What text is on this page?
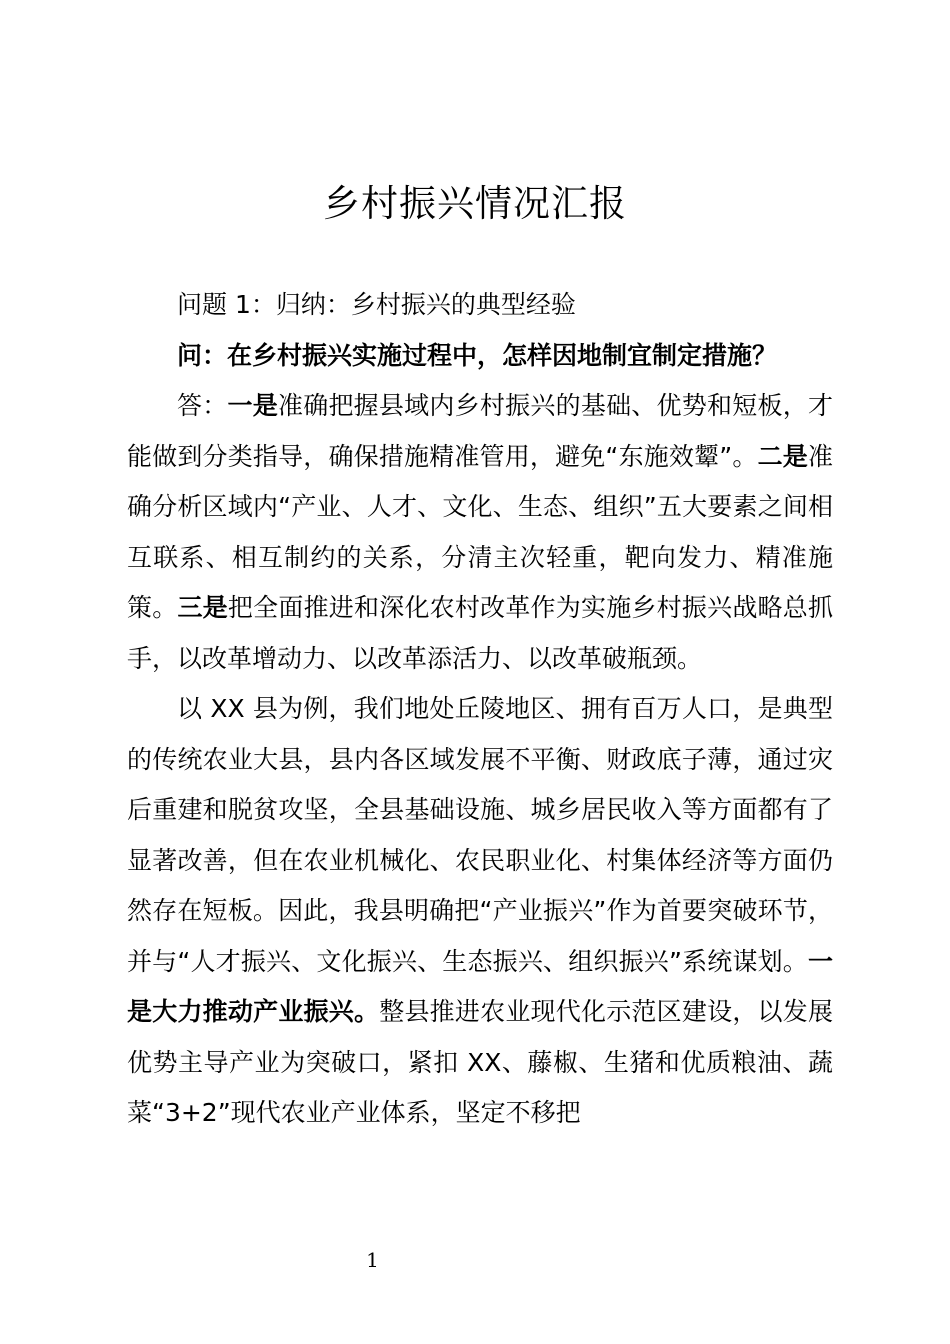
乡村振兴情况汇报

问题 1：归纳：乡村振兴的典型经验

问：在乡村振兴实施过程中，怎样因地制宜制定措施？

答：一是准确把握县域内乡村振兴的基础、优势和短板，才能做到分类指导，确保措施精准管用，避免“东施效颦”。二是准确分析区域内“产业、人才、文化、生态、组织”五大要素之间相互联系、相互制约的关系，分清主次轻重，靶向发力、精准施策。三是把全面推进和深化农村改革作为实施乡村振兴战略总抓手，以改革增动力、以改革添活力、以改革破瓶颈。

以 XX 县为例，我们地处丘陵地区、拥有百万人口，是典型的传统农业大县，县内各区域发展不平衡、财政底子薄，通过灾后重建和脱贫攻坚，全县基础设施、城乡居民收入等方面都有了显著改善，但在农业机械化、农民职业化、村集体经济等方面仍然存在短板。因此，我县明确把“产业振兴”作为首要突破环节，并与“人才振兴、文化振兴、生态振兴、组织振兴”系统谋划。一是大力推动产业振兴。整县推进农业现代化示范区建设，以发展优势主导产业为突破口，紧扣 XX、藤椒、生猪和优质粮油、蔬菜“3+2”现代农业产业体系，坚定不移把

1
